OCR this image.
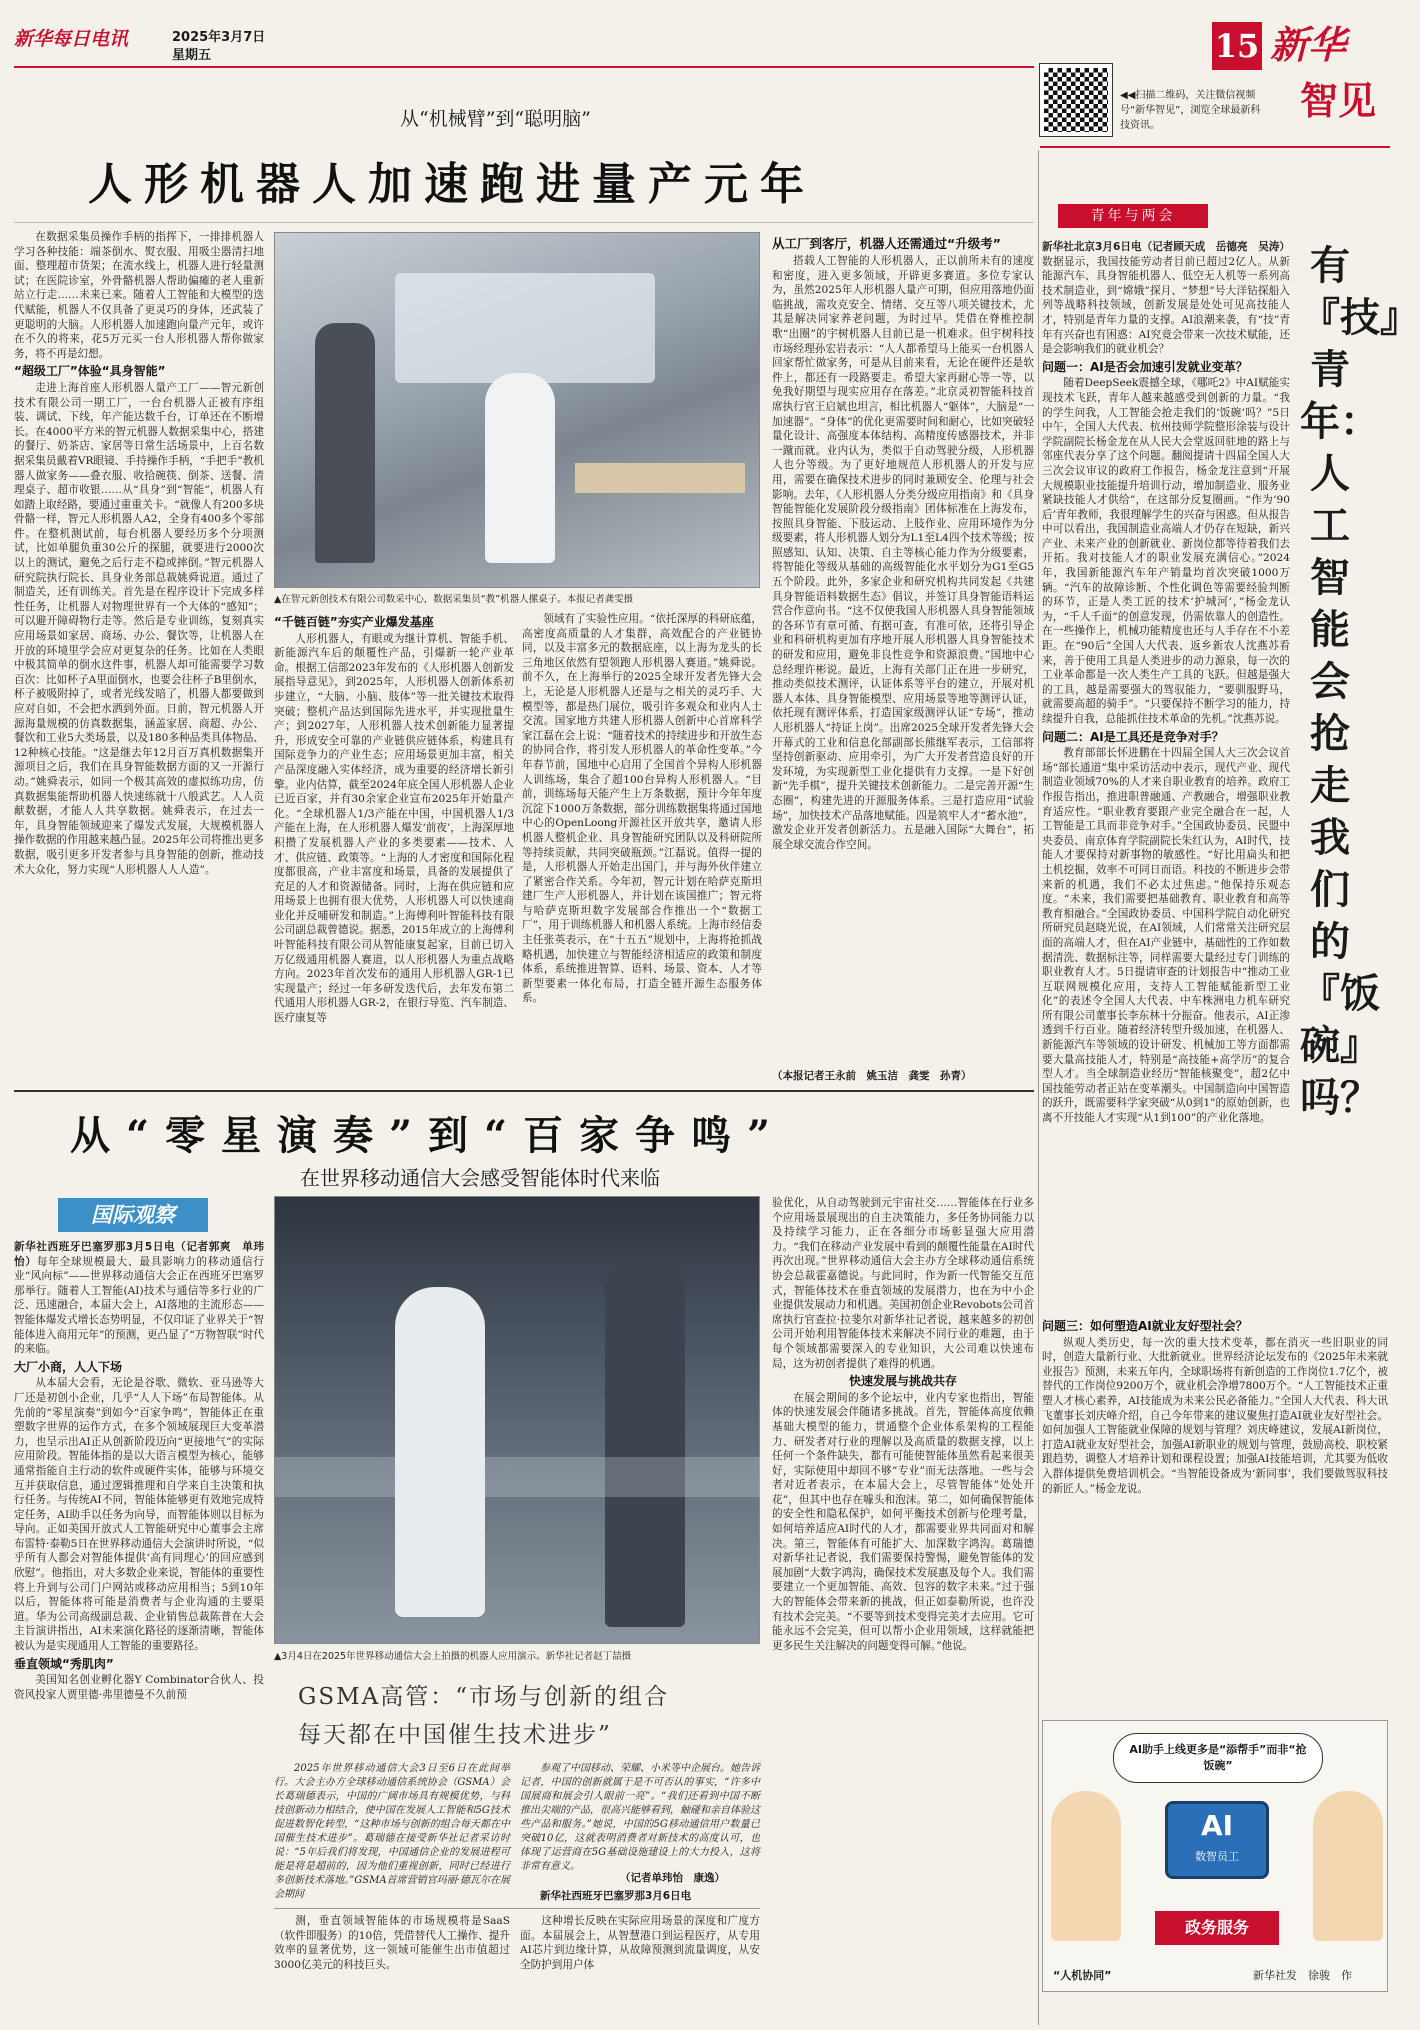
新华每日电讯	2025年3月7日
星期五	15 新华
智见
◀◀扫描二维码，关注微信视频号“新华智见”，浏览全球最新科技资讯。
从“机械臂”到“聪明脑”
人形机器人加速跑进量产元年

在数据采集员操作手柄的指挥下，一排排机器人学习各种技能：端茶倒水、熨衣服、用吸尘器清扫地面、整理超市货架；在流水线上，机器人进行轻量测试；在医院诊室，外骨骼机器人帮助偏瘫的老人重新站立行走……未来已来。随着人工智能和大模型的迭代赋能，机器人不仅具备了更灵巧的身体，还武装了更聪明的大脑。人形机器人加速跑向量产元年，或许在不久的将来，花5万元买一台人形机器人帮你做家务，将不再是幻想。

“超级工厂”体验“具身智能”

走进上海首座人形机器人量产工厂——智元新创技术有限公司一期工厂，一台台机器人正被有序组装、调试、下线，年产能达数千台，订单还在不断增长。在4000平方米的智元机器人数据采集中心，搭建的餐厅、奶茶店、家居等日常生活场景中，上百名数据采集员戴着VR眼镜、手持操作手柄，“手把手”教机器人做家务——叠衣服、收拾碗筷、倒茶、送餐、清理桌子、超市收银……从“具身”到“智能”，机器人有如踏上取经路，要通过重重关卡。“就像人有200多块骨骼一样，智元人形机器人A2，全身有400多个零部件。在整机测试前，每台机器人要经历多个分项测试，比如单腿负重30公斤的探腿，就要进行2000次以上的测试，避免之后行走不稳或摔倒。”智元机器人研究院执行院长、具身业务部总裁姚舜说道。通过了制造关，还有训练关。首先是在程序设计下完成多样性任务，让机器人对物理世界有一个大体的“感知”；可以避开障碍物行走等。然后是专业训练，复刻真实应用场景如家居、商场、办公、餐饮等，让机器人在开放的环境里学会应对更复杂的任务。比如在人类眼中极其简单的倒水这件事，机器人却可能需要学习数百次：比如杯子A里面倒水，也要会往杯子B里倒水，杯子被吸附掉了，或者光线发暗了，机器人都要做到应对自如，不会把水洒到外面。日前，智元机器人开源海量规模的仿真数据集，涵盖家居、商超、办公、餐饮和工业5大类场景，以及180多种品类具体物品、12种核心技能。“这是继去年12月百万真机数据集开源项目之后，我们在具身智能数据方面的又一开源行动。”姚舜表示，如同一个极其高效的虚拟练功房，仿真数据集能帮助机器人快速练就十八般武艺。人人贡献数据，才能人人共享数据。姚舜表示，在过去一年，具身智能领域迎来了爆发式发展，大规模机器人操作数据的作用越来越凸显。2025年公司将推出更多数据，吸引更多开发者参与具身智能的创新，推动技术大众化，努力实现“人形机器人人人造”。

▲在智元新创技术有限公司数采中心，数据采集员“教”机器人摞桌子。本报记者龚雯摄
“千链百链”夯实产业爆发基座

人形机器人，有眼或为继计算机、智能手机、新能源汽车后的颠覆性产品，引爆新一轮产业革命。根据工信部2023年发布的《人形机器人创新发展指导意见》，到2025年，人形机器人创新体系初步建立，“大脑、小脑、肢体”等一批关键技术取得突破；整机产品达到国际先进水平，并实现批量生产；到2027年，人形机器人技术创新能力显著提升，形成安全可靠的产业链供应链体系，构建具有国际竞争力的产业生态；应用场景更加丰富，相关产品深度融入实体经济，成为重要的经济增长新引擎。业内估算，截至2024年底全国人形机器人企业已近百家，并有30余家企业宣布2025年开始量产化。“全球机器人1/3产能在中国，中国机器人1/3产能在上海，在人形机器人爆发‘前夜’，上海深厚地积攒了发展机器人产业的多类要素——技术、人才、供应链、政策等。“上海的人才密度和国际化程度都很高，产业丰富度和场景，具备的发展提供了充足的人才和资源储备。同时，上海在供应链和应用场景上也拥有很大优势，人形机器人可以快速商业化并反哺研发和制造。”上海傅利叶智能科技有限公司副总裁曾德说。据悉，2015年成立的上海傅利叶智能科技有限公司从智能康复起家，目前已切入万亿级通用机器人赛道，以人形机器人为重点战略方向。2023年首次发布的通用人形机器人GR-1已实现量产；经过一年多研发迭代后，去年发布第二代通用人形机器人GR-2，在银行导览、汽车制造、医疗康复等

领域有了实验性应用。“依托深厚的科研底蕴，高密度高质量的人才集群，高效配合的产业链协同，以及丰富多元的数据底座，以上海为龙头的长三角地区依然有望领跑人形机器人赛道。”姚舜说。前不久，在上海举行的2025全球开发者先锋大会上，无论是人形机器人还是与之相关的灵巧手、大模型等，都是热门展位，吸引许多观众和业内人士交流。国家地方共建人形机器人创新中心首席科学家江磊在会上说：“随着技术的持续进步和开放生态的协同合作，将引发人形机器人的革命性变革。”今年春节前，国地中心启用了全国首个异构人形机器人训练场，集合了超100台异构人形机器人。“目前，训练场每天能产生上万条数据，预计今年年度沉淀下1000万条数据，部分训练数据集将通过国地中心的OpenLoong开源社区开放共享，邀请人形机器人整机企业、具身智能研究团队以及科研院所等持续贡献，共同突破瓶颈。”江磊说。值得一提的是，人形机器人开始走出国门，并与海外伙伴建立了紧密合作关系。今年初，智元计划在哈萨克斯坦建厂生产人形机器人，并计划在该国推广；智元将与哈萨克斯坦数字发展部合作推出一个“数据工厂”，用于训练机器人和机器人系统。上海市经信委主任张英表示，在“十五五”规划中，上海将抢抓战略机遇，加快建立与智能经济相适应的政策和制度体系，系统推进智算、语料、场景、资本、人才等新型要素一体化布局，打造全链开源生态服务体系。

从工厂到客厅，机器人还需通过“升级考”

搭载人工智能的人形机器人，正以前所未有的速度和密度，进入更多领域，开辟更多赛道。多位专家认为，虽然2025年人形机器人量产可期，但应用落地仍面临挑战，需攻克安全、情绪、交互等八项关键技术，尤其是解决同家养老问题，为时过早。凭借在脊椎控制歌“出圈”的宇树机器人目前已是一机难求。但宇树科技市场经理孙宏岩表示：“人人都希望马上能买一台机器人回家帮忙做家务，可是从目前来看，无论在硬件还是软件上，都还有一段路要走。希望大家再耐心等一等，以免我好期望与现实应用存在落差。”北京灵初智能科技首席执行官王启斌也坦言，相比机器人“躯体”，大脑是“一加速器”。“身体”的优化更需要时间和耐心，比如突破轻量化设计、高强度本体结构、高精度传感器技术，并非一蹴而就。业内认为，类似于自动驾驶分级，人形机器人也分等级。为了更好地规范人形机器人的开发与应用，需要在确保技术进步的同时兼顾安全、伦理与社会影响。去年，《人形机器人分类分级应用指南》和《具身智能智能化发展阶段分级指南》团体标准在上海发布，按照具身智能、下肢运动、上肢作业、应用环境作为分级要素，将人形机器人划分为L1至L4四个技术等级；按照感知、认知、决策、自主等核心能力作为分级要素，将智能化等级从基础的高级智能化水平划分为G1至G5五个阶段。此外，多家企业和研究机构共同发起《共建具身智能语料数据生态》倡议，并签订具身智能语料运营合作意向书。“这不仅使我国人形机器人具身智能领域的各环节有章可循、有据可查，有准可依，还将引导企业和科研机构更加有序地开展人形机器人具身智能技术的研发和应用，避免非良性竞争和资源浪费。”国地中心总经理许彬说。最近，上海有关部门正在进一步研究，推动类似技术测评，认证体系等平台的建立，开展对机器人本体、具身智能模型、应用场景等地等测评认证，依托现有测评体系，打造国家级测评认证“专场”，推动人形机器人“持证上岗”。出席2025全球开发者先锋大会开幕式的工业和信息化部副部长熊继军表示，工信部将坚持创新驱动、应用牵引，为广大开发者营造良好的开发环境，为实现新型工业化提供有力支撑。一是下好创新“先手棋”，提升关键技术创新能力。二是完善开源“生态圈”，构建先进的开源服务体系。三是打造应用“试验场”，加快技术产品落地赋能。四是筑牢人才“蓄水池”，激发企业开发者创新活力。五是融入国际“大舞台”，拓展全球交流合作空间。

（本报记者王永前　姚玉洁　龚雯　孙青）
从“零星演奏”到“百家争鸣”
在世界移动通信大会感受智能体时代来临
国际观察

新华社西班牙巴塞罗那3月5日电（记者郭爽　单玮怡）每年全球规模最大、最具影响力的移动通信行业“风向标”——世界移动通信大会正在西班牙巴塞罗那举行。随着人工智能(AI)技术与通信等多行业的广泛、迅速融合，本届大会上，AI落地的主流形态——智能体爆发式增长态势明显，不仅印证了业界关于“智能体进入商用元年”的预测，更凸显了“万物智联”时代的来临。

大厂小商，人人下场

从本届大会看，无论是谷歌、微软、亚马逊等大厂还是初创小企业，几乎“人人下场”布局智能体。从先前的“零星演奏”到如今“百家争鸣”，智能体正在重塑数字世界的运作方式，在多个领域展现巨大变革潜力，也呈示出AI正从创新阶段迈向“更接地气”的实际应用阶段。智能体指的是以大语言模型为核心，能够通常指能自主行动的软件或硬件实体，能够与环境交互并获取信息，通过逻辑推理和自学来自主决策和执行任务。与传统AI不同，智能体能够更有效地完成特定任务，AI助手以任务为向导，而智能体则以目标为导向。正如美国开放式人工智能研究中心董事会主席布雷特·泰勒5日在世界移动通信大会演讲时所说，“似乎所有人都会对智能体提供‘高有同理心’的回应感到欣慰”。他指出，对大多数企业来说，智能体的重要性将上升到与公司门户网站或移动应用相当；5到10年以后，智能体将可能是消费者与企业沟通的主要渠道。华为公司高级副总裁、企业销售总裁陈普在大会主旨演讲指出，AI未来演化路径的逐渐清晰，智能体被认为是实现通用人工智能的重要路径。

垂直领域“秀肌肉”

美国知名创业孵化器Y Combinator合伙人、投资风投家人贾里德·弗里德曼不久前预

▲3月4日在2025年世界移动通信大会上拍摄的机器人应用演示。新华社记者赵丁喆摄
GSMA高管：“市场与创新的组合
每天都在中国催生技术进步”

2025年世界移动通信大会3日至6日在此间举行。大会主办方全球移动通信系统协会（GSMA）会长葛瑞德表示，中国的广阔市场具有规模优势，与科技创新动力相结合，使中国在发展人工智能和5G技术促进数智化转型，“这种市场与创新的组合每天都在中国催生技术进步”。葛瑞德在接受新华社记者采访时说：“5年后我们将发现，中国通信企业的发展进程可能是将是超前的，因为他们重视创新，同时已经进行多创新技术落地。”GSMA首席营销官玛丽·德瓦尔在展会期间

参观了中国移动、荣耀、小米等中企展台。她告诉记者，中国的创新就属于是不可否认的事实，“许多中国展商和展会引人眼前一亮”。“我们还看到中国不断推出尖端的产品，很高兴能够看到，触碰和亲自体验这些产品和服务。”她说，中国的5G移动通信用户数量已突破10亿，这就表明消费者对新技术的高度认可，也体现了运营商在5G基础设施建设上的大力投入，这将非常有意义。

（记者单玮怡　康逸）
新华社西班牙巴塞罗那3月6日电

测，垂直领域智能体的市场规模将是SaaS（软件即服务）的10倍，凭借替代人工操作、提升效率的显著优势，这一领域可能催生出市值超过3000亿美元的科技巨头。

这种增长反映在实际应用场景的深度和广度方面。本届展会上，从智慧港口到运程医疗，从专用AI芯片到边缘计算，从故障预测到流量调度，从安全防护到用户体

验优化，从自动驾驶到元宇宙社交……智能体在行业多个应用场景展现出的自主决策能力，多任务协同能力以及持续学习能力，正在各细分市场彰显强大应用潜力。“我们在移动产业发展中看到的颠覆性能量在AI时代再次出现。”世界移动通信大会主办方全球移动通信系统协会总裁霍嘉德说。与此同时，作为新一代智能交互范式，智能体技术在垂直领域的发展潜力，也在为中小企业提供发展动力和机遇。美国初创企业Revobots公司首席执行官查拉·拉斐尔对新华社记者说，越来越多的初创公司开始利用智能体技术来解决不同行业的难题，由于每个领域都需要深入的专业知识，大公司难以快速布局，这为初创者提供了难得的机遇。

快速发展与挑战共存

在展会期间的多个论坛中，业内专家也指出，智能体的快速发展会伴随诸多挑战。首先，智能体高度依赖基础大模型的能力，贯通整个企业体系架构的工程能力、研发者对行业的理解以及高质量的数据支撑，以上任何一个条件缺失，都有可能使智能体虽然看起来很美好，实际使用中却回不够”专业”而无法落地。一些与会者对近者表示，在本届大会上，尽管智能体”处处开花”，但其中也存在噱头和泡沫。第二，如何确保智能体的安全性和隐私保护，如何平衡技术创新与伦理考量，如何培养适应AI时代的人才，都需要业界共同面对和解决。第三，智能体有可能扩大、加深数字鸿沟。葛瑞德对新华社记者说，我们需要保持警惕，避免智能体的发展加剧“大数字鸿沟，确保技术发展惠及每个人。我们需要建立一个更加智能、高效、包容的数字未来。”过于强大的智能体会带来新的挑战，但正如泰勒所说，也许没有技术会完美。“不要等到技术变得完美才去应用。它可能永远不会完美，但可以帮小企业用领域，这样就能把更多民生关注解决的问题变得可解。”他说。

青年与两会
有『技』青年：人工智能会抢走我们的『饭碗』吗？

新华社北京3月6日电（记者顾天成　岳德亮　吴涛）数据显示，我国技能劳动者目前已超过2亿人。从新能源汽车、具身智能机器人、低空无人机等一系列高技术制造业，到“嫦娥”探月、“梦想”号大洋钻探船入列等战略科技领域，创新发展是处处可见高技能人才，特别是青年力量的支撑。AI浪潮来袭，有“技”青年有兴奋也有困惑：AI究竟会带来一次技术赋能，还是会影响我们的就业机会？

问题一：AI是否会加速引发就业变革？

随着DeepSeek震撼全球，《哪吒2》中AI赋能实现技术飞跃，青年人越来越感受到创新的力量。“我的学生问我，人工智能会抢走我们的‘饭碗’吗？”5日中午，全国人大代表、杭州技师学院整形涂装与设计学院副院长杨金龙在从人民大会堂返回驻地的路上与邻座代表分享了这个问题。翻阅提请十四届全国人大三次会议审议的政府工作报告，杨金龙注意到“开展大规模职业技能提升培训行动，增加制造业、服务业紧缺技能人才供给”，在这部分反复圈画。“作为‘90后’青年教师，我很理解学生的兴奋与困惑。但从报告中可以看出，我国制造业高端人才仍存在短缺，新兴产业、未来产业的创新就业、新岗位都等待着我们去开拓。我对技能人才的职业发展充满信心。”2024年，我国新能源汽车年产销量均首次突破1000万辆。“汽车的故障诊断、个性化调色等需要经验判断的环节，正是人类工匠的技术‘护城河’，”杨金龙认为，“千人千面”的创意发现，仍需依靠人的创造性。在一些操作上，机械功能精度也还与人手存在不小差距。在“90后”全国人大代表、返乡新农人沈燕苏看来，善于使用工具是人类进步的动力源泉，每一次的工业革命都是一次人类生产工具的飞跃。但越是强大的工具，越是需要强大的驾驭能力，“要驯服野马，就需要高超的骑手”。“只要保持不断学习的能力，持续提升自我，总能抓住技术革命的先机。”沈燕苏说。

问题二：AI是工具还是竞争对手？

教育部部长怀进鹏在十四届全国人大三次会议首场“部长通道”集中采访活动中表示，现代产业、现代制造业领域70%的人才来自职业教育的培养。政府工作报告指出，推进职普融通、产教融合，增强职业教育适应性。“职业教育要跟产业完全融合在一起，人工智能是工具而非竞争对手。”全国政协委员、民盟中央委员、南京体育学院副院长朱红认为，AI时代，技能人才要保持对新事物的敏感性。“好比用扁头和把土机挖掘，效率不可同日而语。科技的不断进步会带来新的机遇，我们不必太过焦虑。”他保持乐观态度。“未来，我们需要把基础教育、职业教育和高等教育相融合。”全国政协委员、中国科学院自动化研究所研究员赵晓光说，在AI领域，人们常常关注研究层面的高端人才，但在AI产业链中，基础性的工作如数据清洗、数据标注等，同样需要大量经过专门训练的职业教育人才。5日提请审查的计划报告中“推动工业互联网规模化应用，支持人工智能赋能新型工业化”的表述令全国人大代表、中车株洲电力机车研究所有限公司董事长李东林十分振奋。他表示，AI正渗透到千行百业。随着经济转型升级加速，在机器人、新能源汽车等领域的设计研发、机械加工等方面都需要大量高技能人才，特别是“高技能+高学历”的复合型人才。当全球制造业经历“智能核聚变”，超2亿中国技能劳动者正站在变革潮头。中国制造向中国智造的跃升，既需要科学家突破“从0到1”的原始创新，也离不开技能人才实现“从1到100”的产业化落地。

问题三：如何塑造AI就业友好型社会？

纵观人类历史，每一次的重大技术变革，都在消灭一些旧职业的同时，创造大量新行业、大批新就业。世界经济论坛发布的《2025年未来就业报告》预测，未来五年内，全球职场将有新创造的工作岗位1.7亿个，被替代的工作岗位9200万个，就业机会净增7800万个。“人工智能技术正重塑人才核心素养，AI技能成为未来公民必备能力。”全国人大代表、科大讯飞董事长刘庆峰介绍，自己今年带来的建议聚焦打造AI就业友好型社会。如何加强人工智能就业保障的规划与管理？刘庆峰建议，发展AI新岗位，打造AI就业友好型社会，加强AI新职业的规划与管理，鼓励高校、职校紧跟趋势，调整人才培养计划和课程设置；加强AI技能培训，尤其要为低收入群体提供免费培训机会。“当智能设备成为‘新同事’，我们要做驾驭科技的新匠人。”杨金龙说。

AI助手上线更多是“添帮手”而非“抢饭碗”
AI
数智员工
政务服务
“人机协同”	新华社发　徐骏　作
